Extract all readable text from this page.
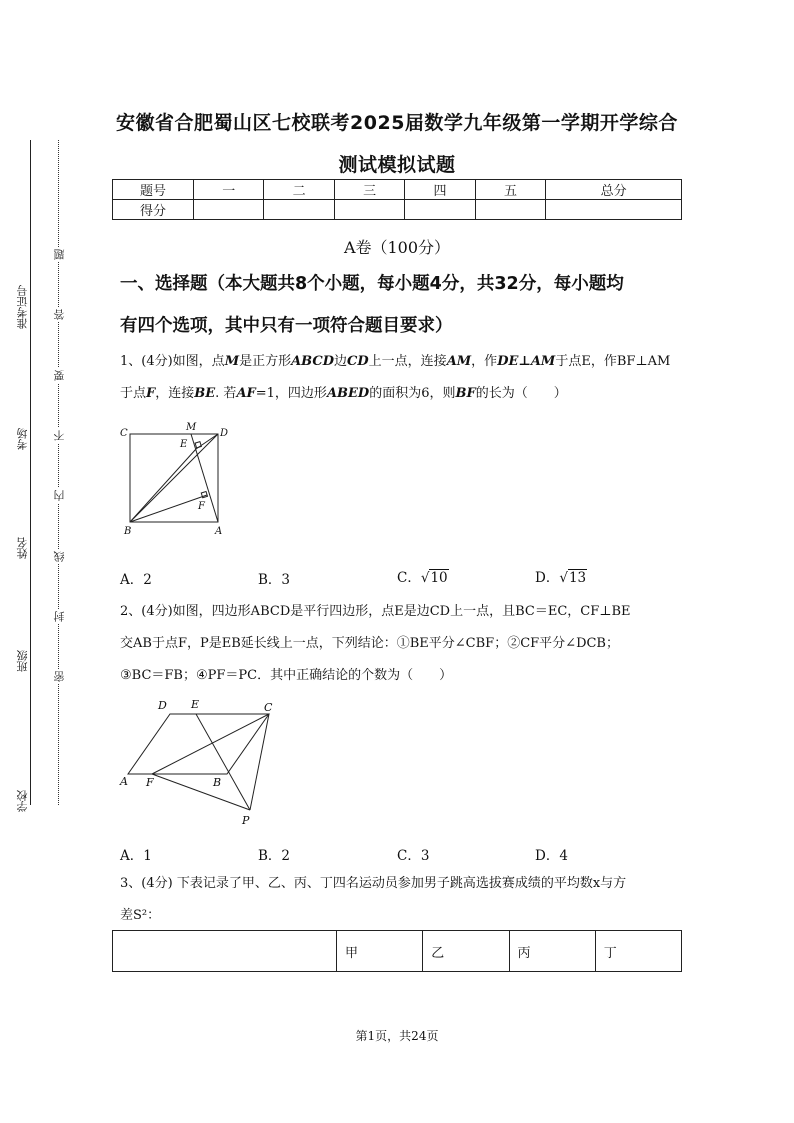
准考证号
考场
姓名
班级
学校
题
答
要
不
内
线
封
密
安徽省合肥蜀山区七校联考2025届数学九年级第一学期开学综合
测试模拟试题
题号	一	二	三	四	五	总分
得分						
A卷（100分）
一、选择题（本大题共8个小题，每小题4分，共32分，每小题均
有四个选项，其中只有一项符合题目要求）
1、(4分)如图，点M是正方形ABCD边CD上一点，连接AM，作DE⊥AM于点E，作BF⊥AM
于点F，连接BE. 若AF=1，四边形ABED的面积为6，则BF的长为（　　）
C
M
D
E
F
B	A
A．2	B．3	C．√10	D．√13
2、(4分)如图，四边形ABCD是平行四边形，点E是边CD上一点，且BC＝EC，CF⊥BE
交AB于点F，P是EB延长线上一点，下列结论：①BE平分∠CBF；②CF平分∠DCB；
③BC＝FB；④PF＝PC．其中正确结论的个数为（　　）
D E	C
A F	B
P
A．1	B．2	C．3	D．4
3、(4分) 下表记录了甲、乙、丙、丁四名运动员参加男子跳高选拔赛成绩的平均数x与方
差S²：
	甲	乙	丙	丁
第1页，共24页
